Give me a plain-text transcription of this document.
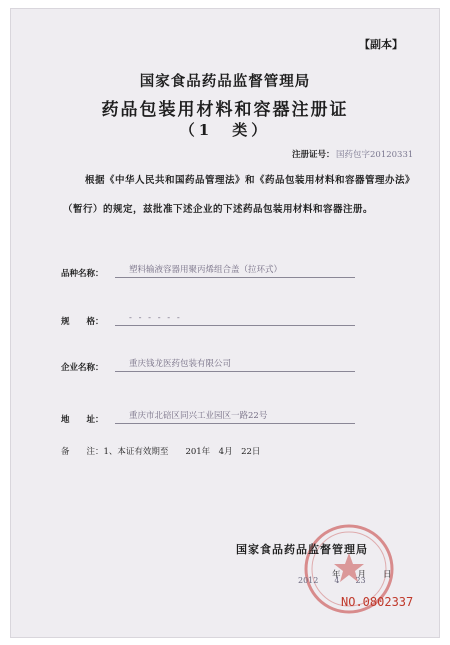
【副本】
国家食品药品监督管理局
药品包装用材料和容器注册证
（1　类）
注册证号： 国药包字20120331
根据《中华人民共和国药品管理法》和《药品包装用材料和容器管理办法》（暂行）的规定，兹批准下述企业的下述药品包装用材料和容器注册。
品种名称：	塑料输液容器用聚丙烯组合盖（拉环式）
规　　格：	- - - - - -
企业名称：	重庆钱龙医药包装有限公司
地　　址：	重庆市北碚区同兴工业园区一路22号
备　　注：1、本证有效期至　　 201年　4月　22日
国家食品药品监督管理局
年　　月　　日
2012　　4　　23
NO.0802337
